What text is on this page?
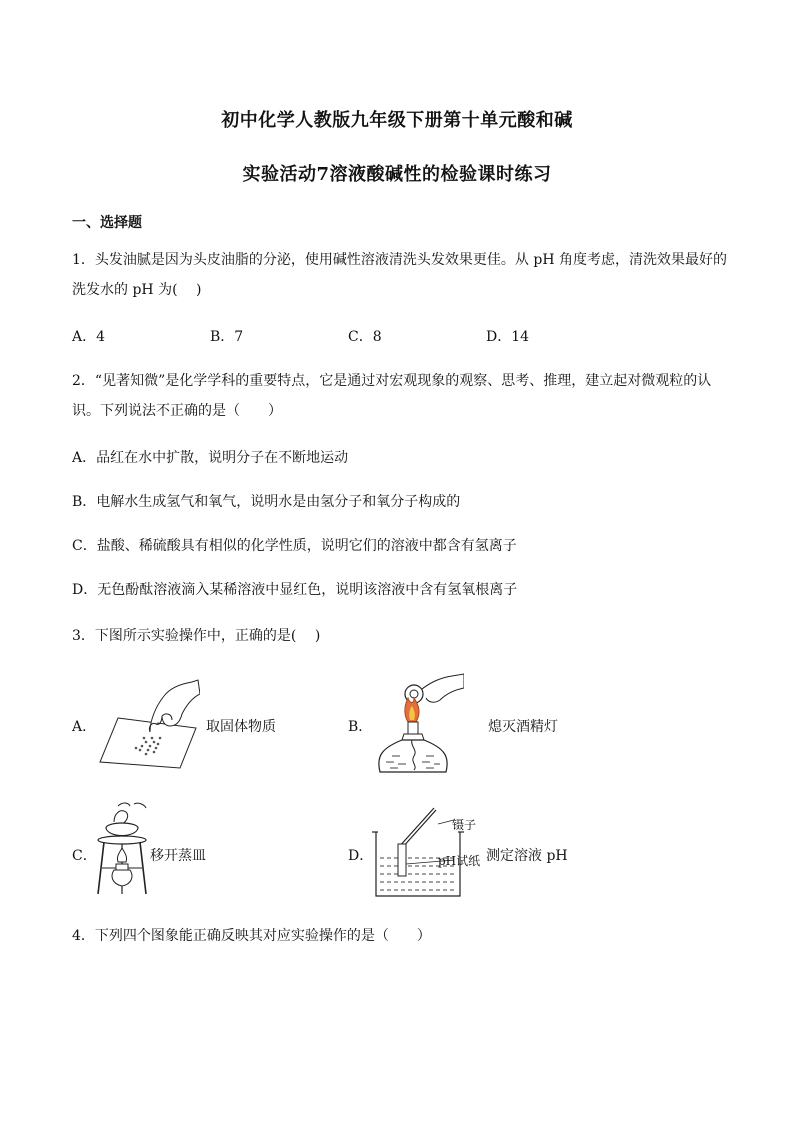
初中化学人教版九年级下册第十单元酸和碱
实验活动7溶液酸碱性的检验课时练习
一、选择题
1．头发油腻是因为头皮油脂的分泌，使用碱性溶液清洗头发效果更佳。从 pH 角度考虑，清洗效果最好的
洗发水的 pH 为(　 )
A．4	B．7	C．8	D．14
2．“见著知微”是化学学科的重要特点，它是通过对宏观现象的观察、思考、推理，建立起对微观粒的认
识。下列说法不正确的是（　　）
A．品红在水中扩散，说明分子在不断地运动
B．电解水生成氢气和氧气，说明水是由氢分子和氧分子构成的
C．盐酸、稀硫酸具有相似的化学性质，说明它们的溶液中都含有氢离子
D．无色酚酞溶液滴入某稀溶液中显红色，说明该溶液中含有氢氧根离子
3．下图所示实验操作中，正确的是(　 )
A．	取固体物质	B．	熄灭酒精灯
C．	移开蒸皿	D．
镊子
pH试纸 测定溶液 pH
4．下列四个图象能正确反映其对应实验操作的是（　　）
